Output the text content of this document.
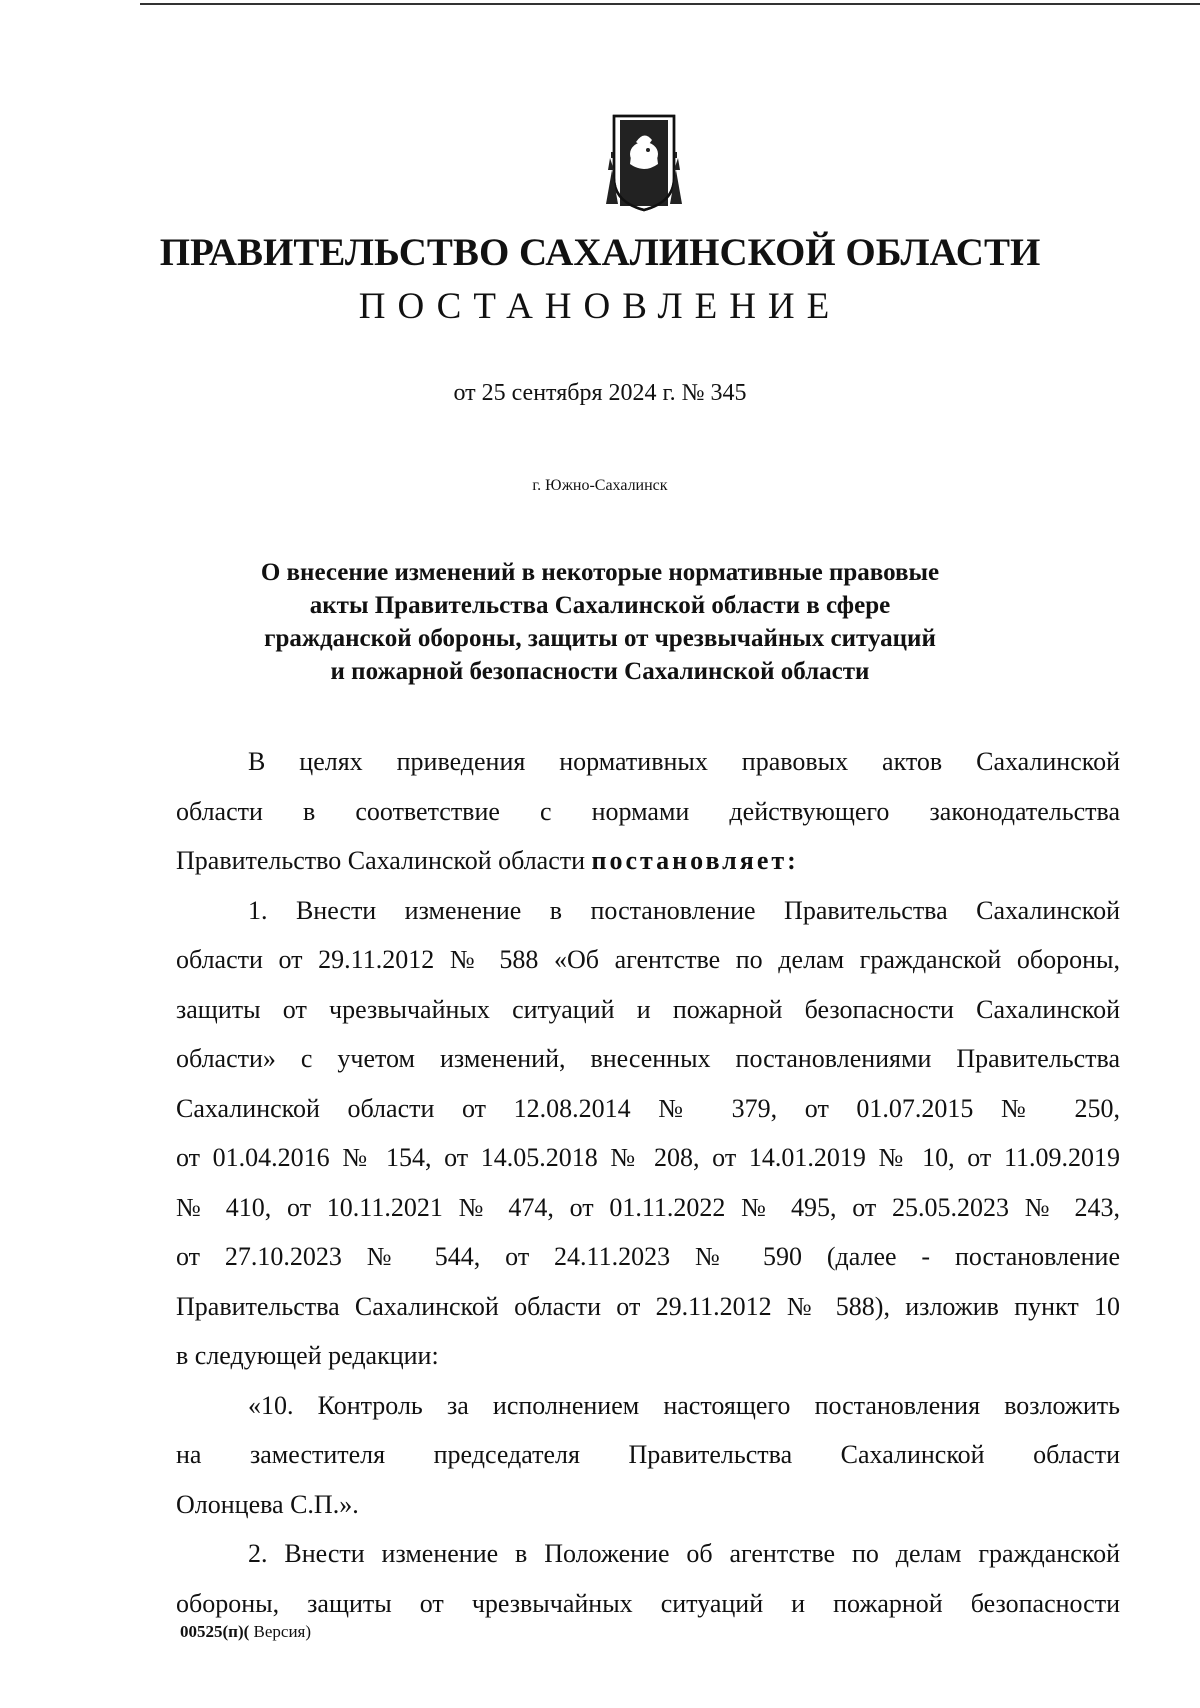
ПРАВИТЕЛЬСТВО САХАЛИНСКОЙ ОБЛАСТИ
ПОСТАНОВЛЕНИЕ
от 25 сентября 2024 г. № 345
г. Южно-Сахалинск
О внесение изменений в некоторые нормативные правовые
акты Правительства Сахалинской области в сфере
гражданской обороны, защиты от чрезвычайных ситуаций
и пожарной безопасности Сахалинской области
В целях приведения нормативных правовых актов Сахалинской
области в соответствие с нормами действующего законодательства
Правительство Сахалинской области постановляет:
1. Внести изменение в постановление Правительства Сахалинской
области от 29.11.2012 № 588 «Об агентстве по делам гражданской обороны,
защиты от чрезвычайных ситуаций и пожарной безопасности Сахалинской
области» с учетом изменений, внесенных постановлениями Правительства
Сахалинской области от 12.08.2014 № 379, от 01.07.2015 № 250,
от 01.04.2016 № 154, от 14.05.2018 № 208, от 14.01.2019 № 10, от 11.09.2019
№ 410, от 10.11.2021 № 474, от 01.11.2022 № 495, от 25.05.2023 № 243,
от 27.10.2023 № 544, от 24.11.2023 № 590 (далее - постановление
Правительства Сахалинской области от 29.11.2012 № 588), изложив пункт 10
в следующей редакции:
«10. Контроль за исполнением настоящего постановления возложить
на заместителя председателя Правительства Сахалинской области
Олонцева С.П.».
2. Внести изменение в Положение об агентстве по делам гражданской
обороны, защиты от чрезвычайных ситуаций и пожарной безопасности
00525(п)( Версия)
